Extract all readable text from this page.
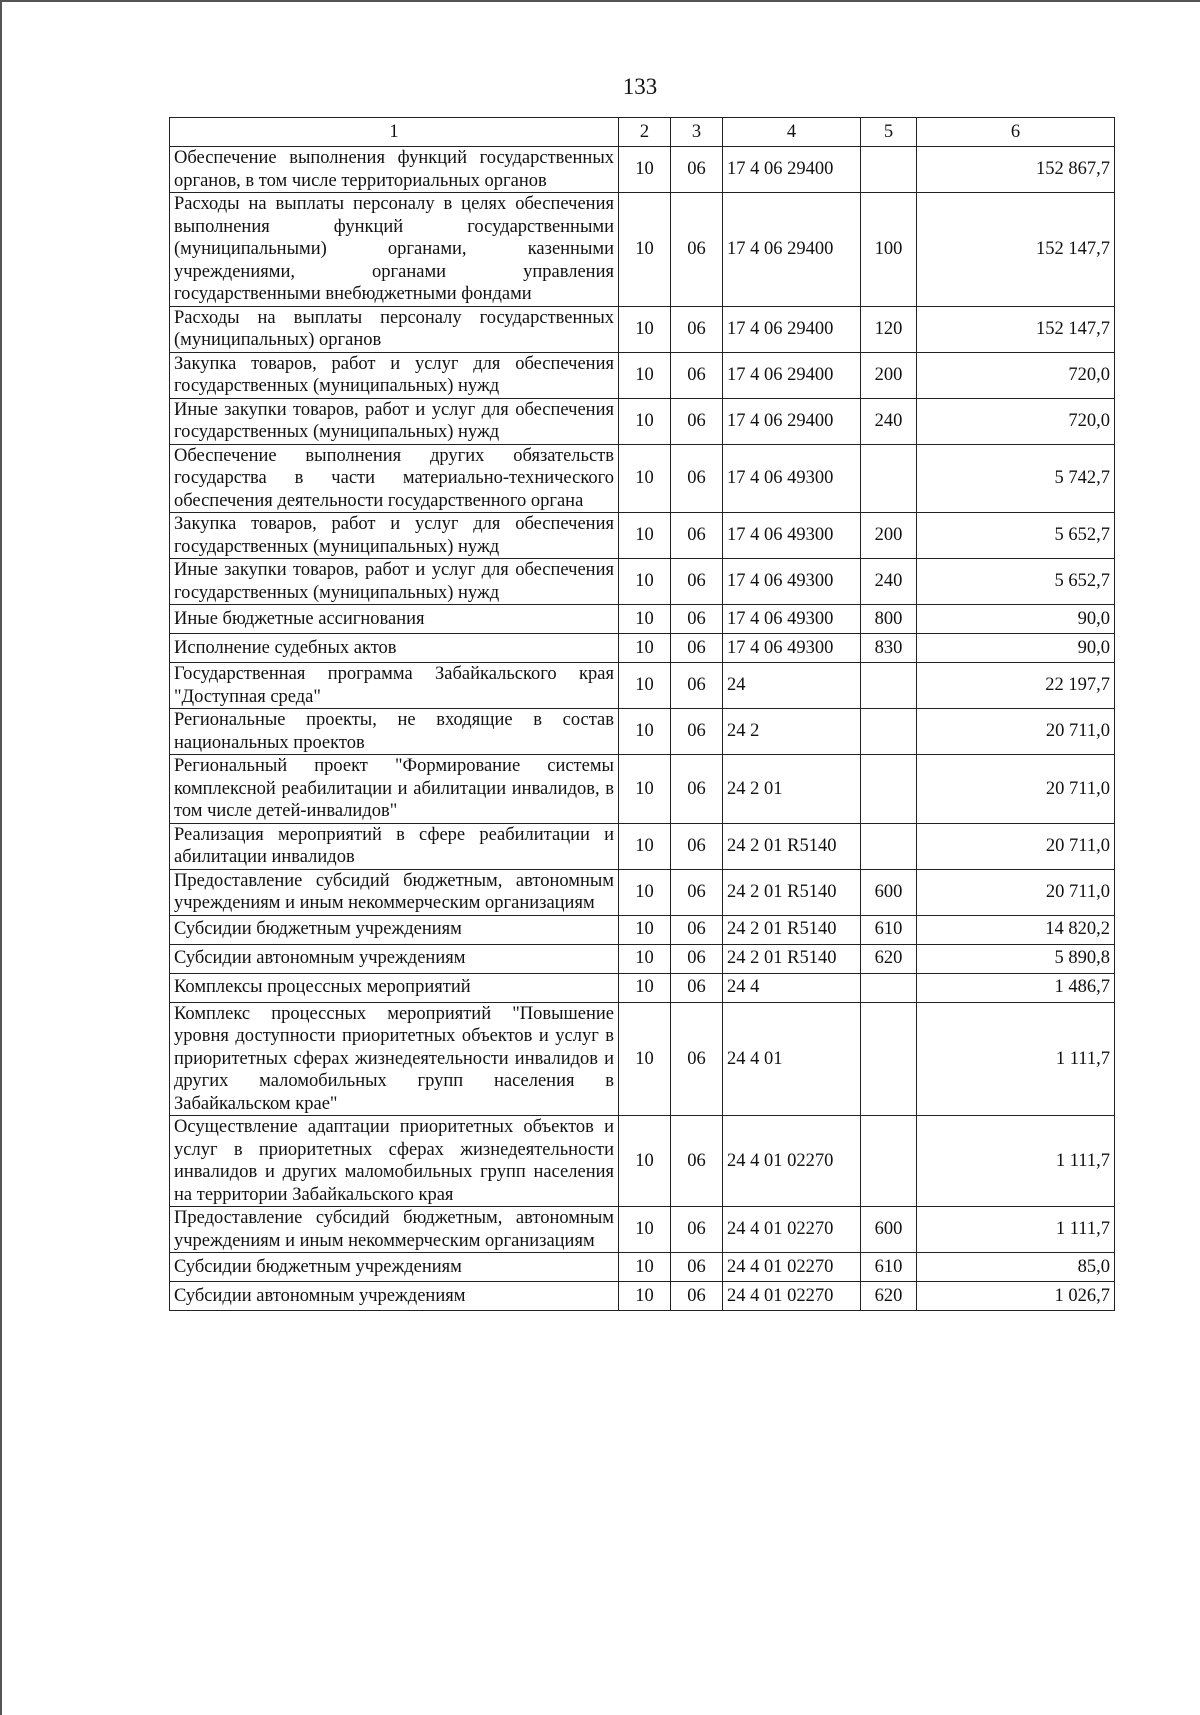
133
1	2	3	4	5	6
Обеспечение выполнения функций государственных органов, в том числе территориальных органов	10	06	17 4 06 29400		152 867,7
Расходы на выплаты персоналу в целях обеспечения выполнения функций государственными (муниципальными) органами, казенными учреждениями, органами управления государственными внебюджетными фондами	10	06	17 4 06 29400	100	152 147,7
Расходы на выплаты персоналу государственных (муниципальных) органов	10	06	17 4 06 29400	120	152 147,7
Закупка товаров, работ и услуг для обеспечения государственных (муниципальных) нужд	10	06	17 4 06 29400	200	720,0
Иные закупки товаров, работ и услуг для обеспечения государственных (муниципальных) нужд	10	06	17 4 06 29400	240	720,0
Обеспечение выполнения других обязательств государства в части материально-технического обеспечения деятельности государственного органа	10	06	17 4 06 49300		5 742,7
Закупка товаров, работ и услуг для обеспечения государственных (муниципальных) нужд	10	06	17 4 06 49300	200	5 652,7
Иные закупки товаров, работ и услуг для обеспечения государственных (муниципальных) нужд	10	06	17 4 06 49300	240	5 652,7
Иные бюджетные ассигнования	10	06	17 4 06 49300	800	90,0
Исполнение судебных актов	10	06	17 4 06 49300	830	90,0
Государственная программа Забайкальского края "Доступная среда"	10	06	24		22 197,7
Региональные проекты, не входящие в состав национальных проектов	10	06	24 2		20 711,0
Региональный проект "Формирование системы комплексной реабилитации и абилитации инвалидов, в том числе детей-инвалидов"	10	06	24 2 01		20 711,0
Реализация мероприятий в сфере реабилитации и абилитации инвалидов	10	06	24 2 01 R5140		20 711,0
Предоставление субсидий бюджетным, автономным учреждениям и иным некоммерческим организациям	10	06	24 2 01 R5140	600	20 711,0
Субсидии бюджетным учреждениям	10	06	24 2 01 R5140	610	14 820,2
Субсидии автономным учреждениям	10	06	24 2 01 R5140	620	5 890,8
Комплексы процессных мероприятий	10	06	24 4		1 486,7
Комплекс процессных мероприятий "Повышение уровня доступности приоритетных объектов и услуг в приоритетных сферах жизнедеятельности инвалидов и других маломобильных групп населения в Забайкальском крае"	10	06	24 4 01		1 111,7
Осуществление адаптации приоритетных объектов и услуг в приоритетных сферах жизнедеятельности инвалидов и других маломобильных групп населения на территории Забайкальского края	10	06	24 4 01 02270		1 111,7
Предоставление субсидий бюджетным, автономным учреждениям и иным некоммерческим организациям	10	06	24 4 01 02270	600	1 111,7
Субсидии бюджетным учреждениям	10	06	24 4 01 02270	610	85,0
Субсидии автономным учреждениям	10	06	24 4 01 02270	620	1 026,7
